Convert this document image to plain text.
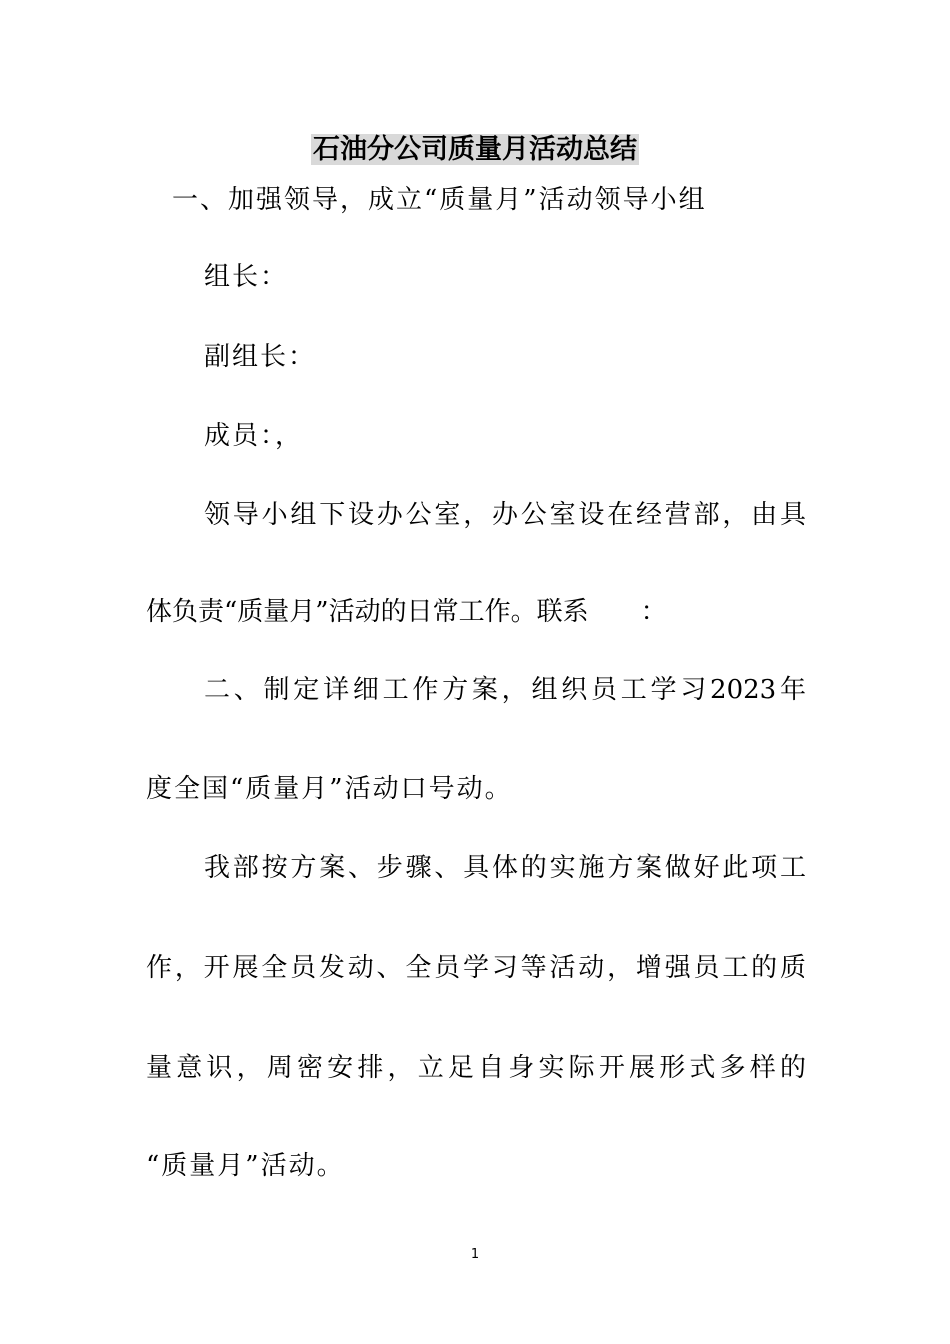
石油分公司质量月活动总结
一、加强领导，成立“质量月”活动领导小组
组长：
副组长：
成员：，
领导小组下设办公室，办公室设在经营部，由具
体负责“质量月”活动的日常工作。联系　　：
二、制定详细工作方案，组织员工学习2023年
度全国“质量月”活动口号动。
我部按方案、步骤、具体的实施方案做好此项工
作，开展全员发动、全员学习等活动，增强员工的质
量意识，周密安排，立足自身实际开展形式多样的
“质量月”活动。
1
